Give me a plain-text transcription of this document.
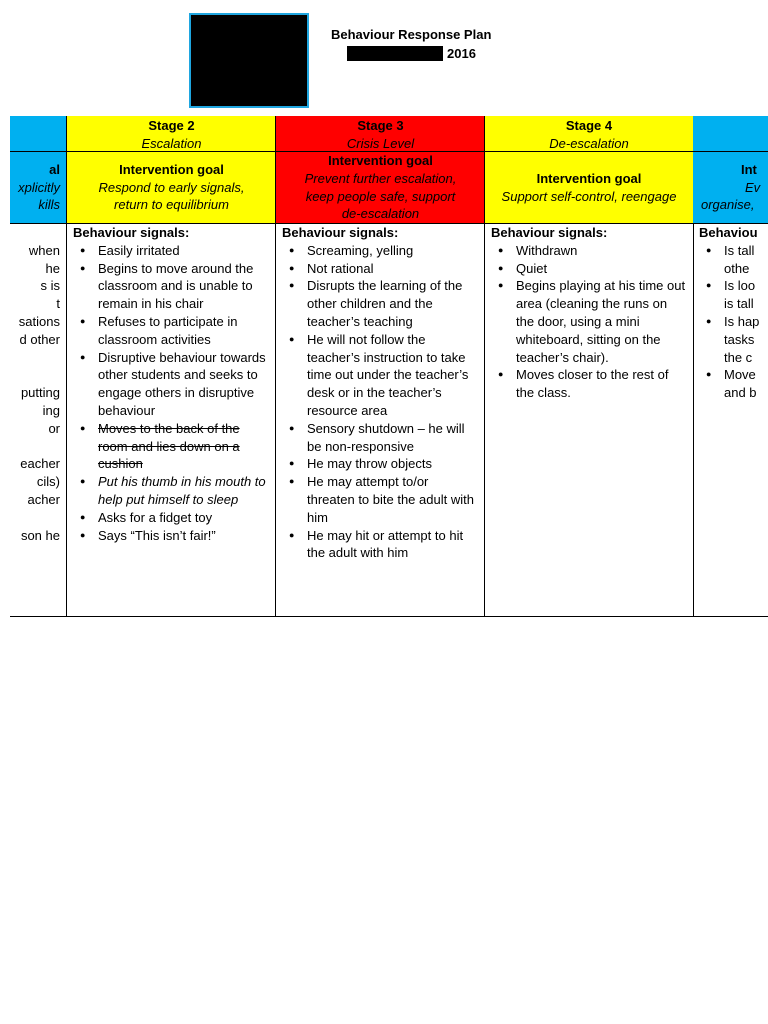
Behaviour Response Plan
2016
al
xplicitly
kills
when
he
s is
t
sations
d other
putting
ing
or
eacher
cils)
acher
son he
Stage 2
Escalation
Intervention goal
Respond to early signals, return to equilibrium
Behaviour signals:
● Easily irritated
● Begins to move around the classroom and is unable to remain in his chair
● Refuses to participate in classroom activities
● Disruptive behaviour towards other students and seeks to engage others in disruptive behaviour
● Moves to the back of the room and lies down on a cushion
● Put his thumb in his mouth to help put himself to sleep
● Asks for a fidget toy
● Says “This isn’t fair!”
Stage 3
Crisis Level
Intervention goal
Prevent further escalation, keep people safe, support de-escalation
Behaviour signals:
● Screaming, yelling
● Not rational
● Disrupts the learning of the other children and the teacher’s teaching
● He will not follow the teacher’s instruction to take time out under the teacher’s desk or in the teacher’s resource area
● Sensory shutdown – he will be non-responsive
● He may throw objects
● He may attempt to/or threaten to bite the adult with him
● He may hit or attempt to hit the adult with him
Stage 4
De-escalation
Intervention goal
Support self-control, reengage
Behaviour signals:
● Withdrawn
● Quiet
● Begins playing at his time out area (cleaning the runs on the door, using a mini whiteboard, sitting on the teacher’s chair).
● Moves closer to the rest of the class.
Int
Ev
organise,
Behaviou
● Is tall
othe
● Is loo
is tall
● Is hap
tasks
the c
● Move
and b
